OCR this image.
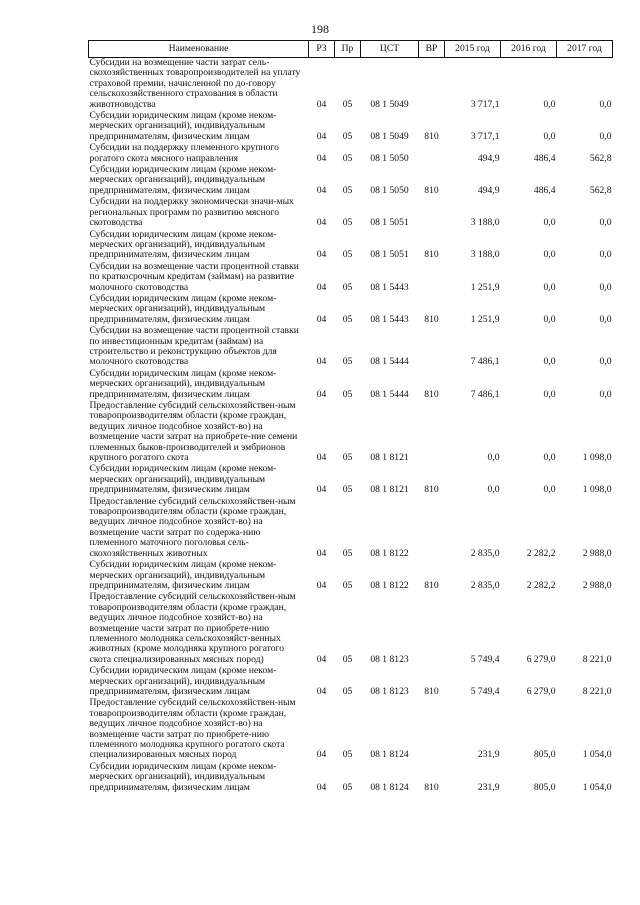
198
Наименование	РЗ	Пр	ЦСТ	ВР	2015 год	2016 год	2017 год
Субсидии на возмещение части затрат сель-скохозяйственных товаропроизводителей на уплату страховой премии, начисленной по до-говору сельскохозяйственного страхования в области животноводства	04	05	08 1 5049		3 717,1	0,0	0,0
Субсидии юридическим лицам (кроме неком-мерческих организаций), индивидуальным предпринимателям, физическим лицам	04	05	08 1 5049	810	3 717,1	0,0	0,0
Субсидии на поддержку племенного крупного рогатого скота мясного направления	04	05	08 1 5050		494,9	486,4	562,8
Субсидии юридическим лицам (кроме неком-мерческих организаций), индивидуальным предпринимателям, физическим лицам	04	05	08 1 5050	810	494,9	486,4	562,8
Субсидии на поддержку экономически значи-мых региональных программ по развитию мясного скотоводства	04	05	08 1 5051		3 188,0	0,0	0,0
Субсидии юридическим лицам (кроме неком-мерческих организаций), индивидуальным предпринимателям, физическим лицам	04	05	08 1 5051	810	3 188,0	0,0	0,0
Субсидии на возмещение части процентной ставки по краткосрочным кредитам (займам) на развитие молочного скотоводства	04	05	08 1 5443		1 251,9	0,0	0,0
Субсидии юридическим лицам (кроме неком-мерческих организаций), индивидуальным предпринимателям, физическим лицам	04	05	08 1 5443	810	1 251,9	0,0	0,0
Субсидии на возмещение части процентной ставки по инвестиционным кредитам (займам) на строительство и реконструкцию объектов для молочного скотоводства	04	05	08 1 5444		7 486,1	0,0	0,0
Субсидии юридическим лицам (кроме неком-мерческих организаций), индивидуальным предпринимателям, физическим лицам	04	05	08 1 5444	810	7 486,1	0,0	0,0
Предоставление субсидий сельскохозяйствен-ным товаропроизводителям области (кроме граждан, ведущих личное подсобное хозяйст-во) на возмещение части затрат на приобрете-ние семени племенных быков-производителей и эмбрионов крупного рогатого скота	04	05	08 1 8121		0,0	0,0	1 098,0
Субсидии юридическим лицам (кроме неком-мерческих организаций), индивидуальным предпринимателям, физическим лицам	04	05	08 1 8121	810	0,0	0,0	1 098,0
Предоставление субсидий сельскохозяйствен-ным товаропроизводителям области (кроме граждан, ведущих личное подсобное хозяйст-во) на возмещение части затрат по содержа-нию племенного маточного поголовья сель-скохозяйственных животных	04	05	08 1 8122		2 835,0	2 282,2	2 988,0
Субсидии юридическим лицам (кроме неком-мерческих организаций), индивидуальным предпринимателям, физическим лицам	04	05	08 1 8122	810	2 835,0	2 282,2	2 988,0
Предоставление субсидий сельскохозяйствен-ным товаропроизводителям области (кроме граждан, ведущих личное подсобное хозяйст-во) на возмещение части затрат по приобрете-нию племенного молодняка сельскохозяйст-венных животных (кроме молодняка крупного рогатого скота специализированных мясных пород)	04	05	08 1 8123		5 749,4	6 279,0	8 221,0
Субсидии юридическим лицам (кроме неком-мерческих организаций), индивидуальным предпринимателям, физическим лицам	04	05	08 1 8123	810	5 749,4	6 279,0	8 221,0
Предоставление субсидий сельскохозяйствен-ным товаропроизводителям области (кроме граждан, ведущих личное подсобное хозяйст-во) на возмещение части затрат по приобрете-нию племенного молодняка крупного рогатого скота специализированных мясных пород	04	05	08 1 8124		231,9	805,0	1 054,0
Субсидии юридическим лицам (кроме неком-мерческих организаций), индивидуальным предпринимателям, физическим лицам	04	05	08 1 8124	810	231,9	805,0	1 054,0
